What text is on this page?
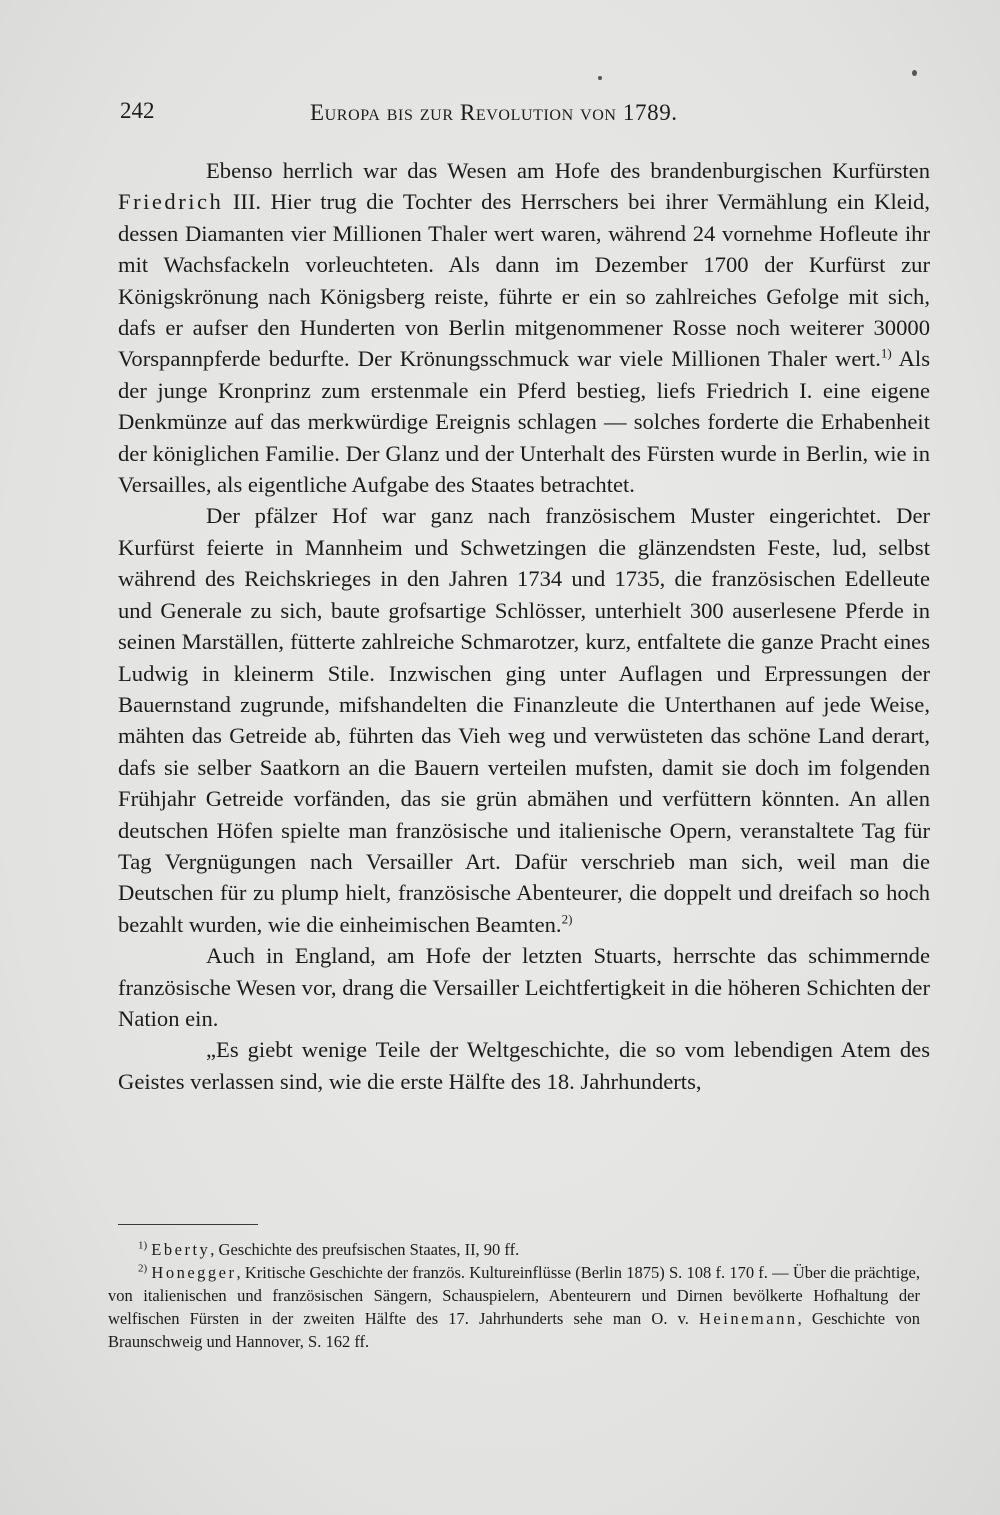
242	Europa bis zur Revolution von 1789.

Ebenso herrlich war das Wesen am Hofe des brandenburgischen Kurfürsten Friedrich III. Hier trug die Tochter des Herrschers bei ihrer Vermählung ein Kleid, dessen Diamanten vier Millionen Thaler wert waren, während 24 vornehme Hofleute ihr mit Wachsfackeln vorleuchteten. Als dann im Dezember 1700 der Kurfürst zur Königskrönung nach Königsberg reiste, führte er ein so zahlreiches Gefolge mit sich, dafs er aufser den Hunderten von Berlin mitgenommener Rosse noch weiterer 30000 Vorspannpferde bedurfte. Der Krönungsschmuck war viele Millionen Thaler wert.$^{1)}$ Als der junge Kronprinz zum erstenmale ein Pferd bestieg, liefs Friedrich I. eine eigene Denkmünze auf das merkwürdige Ereignis schlagen — solches forderte die Erhabenheit der königlichen Familie. Der Glanz und der Unterhalt des Fürsten wurde in Berlin, wie in Versailles, als eigentliche Aufgabe des Staates betrachtet.

Der pfälzer Hof war ganz nach französischem Muster eingerichtet. Der Kurfürst feierte in Mannheim und Schwetzingen die glänzendsten Feste, lud, selbst während des Reichskrieges in den Jahren 1734 und 1735, die französischen Edelleute und Generale zu sich, baute grofsartige Schlösser, unterhielt 300 auserlesene Pferde in seinen Marställen, fütterte zahlreiche Schmarotzer, kurz, entfaltete die ganze Pracht eines Ludwig in kleinerm Stile. Inzwischen ging unter Auflagen und Erpressungen der Bauernstand zugrunde, mifshandelten die Finanzleute die Unterthanen auf jede Weise, mähten das Getreide ab, führten das Vieh weg und verwüsteten das schöne Land derart, dafs sie selber Saatkorn an die Bauern verteilen mufsten, damit sie doch im folgenden Frühjahr Getreide vorfänden, das sie grün abmähen und verfüttern könnten. An allen deutschen Höfen spielte man französische und italienische Opern, veranstaltete Tag für Tag Vergnügungen nach Versailler Art. Dafür verschrieb man sich, weil man die Deutschen für zu plump hielt, französische Abenteurer, die doppelt und dreifach so hoch bezahlt wurden, wie die einheimischen Beamten.$^{2)}$

Auch in England, am Hofe der letzten Stuarts, herrschte das schimmernde französische Wesen vor, drang die Versailler Leichtfertigkeit in die höheren Schichten der Nation ein.

„Es giebt wenige Teile der Weltgeschichte, die so vom lebendigen Atem des Geistes verlassen sind, wie die erste Hälfte des 18. Jahrhunderts,

$^{1)}$ Eberty, Geschichte des preufsischen Staates, II, 90 ff.

$^{2)}$ Honegger, Kritische Geschichte der französ. Kultureinflüsse (Berlin 1875) S. 108 f. 170 f. — Über die prächtige, von italienischen und französischen Sängern, Schauspielern, Abenteurern und Dirnen bevölkerte Hofhaltung der welfischen Fürsten in der zweiten Hälfte des 17. Jahrhunderts sehe man O. v. Heinemann, Geschichte von Braunschweig und Hannover, S. 162 ff.
